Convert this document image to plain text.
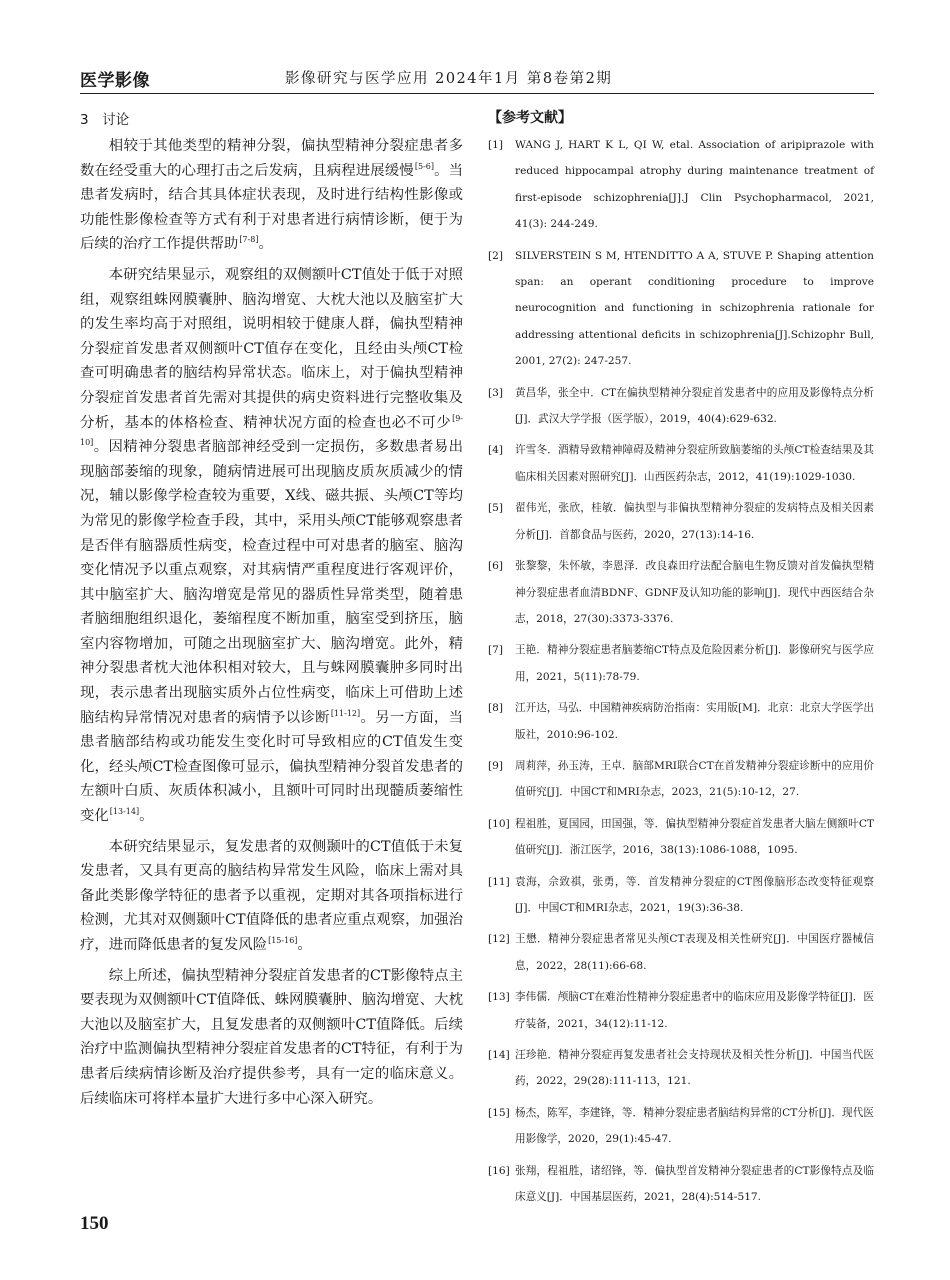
医学影像	影像研究与医学应用 2024年1月 第8卷第2期
3　讨论

相较于其他类型的精神分裂，偏执型精神分裂症患者多数在经受重大的心理打击之后发病，且病程进展缓慢[5-6]。当患者发病时，结合其具体症状表现，及时进行结构性影像或功能性影像检查等方式有利于对患者进行病情诊断，便于为后续的治疗工作提供帮助[7-8]。

本研究结果显示，观察组的双侧额叶CT值处于低于对照组，观察组蛛网膜囊肿、脑沟增宽、大枕大池以及脑室扩大的发生率均高于对照组，说明相较于健康人群，偏执型精神分裂症首发患者双侧额叶CT值存在变化，且经由头颅CT检查可明确患者的脑结构异常状态。临床上，对于偏执型精神分裂症首发患者首先需对其提供的病史资料进行完整收集及分析，基本的体格检查、精神状况方面的检查也必不可少[9-10]。因精神分裂患者脑部神经受到一定损伤，多数患者易出现脑部萎缩的现象，随病情进展可出现脑皮质灰质减少的情况，辅以影像学检查较为重要，X线、磁共振、头颅CT等均为常见的影像学检查手段，其中，采用头颅CT能够观察患者是否伴有脑器质性病变，检查过程中可对患者的脑室、脑沟变化情况予以重点观察，对其病情严重程度进行客观评价，其中脑室扩大、脑沟增宽是常见的器质性异常类型，随着患者脑细胞组织退化，萎缩程度不断加重，脑室受到挤压，脑室内容物增加，可随之出现脑室扩大、脑沟增宽。此外，精神分裂患者枕大池体积相对较大，且与蛛网膜囊肿多同时出现，表示患者出现脑实质外占位性病变，临床上可借助上述脑结构异常情况对患者的病情予以诊断[11-12]。另一方面，当患者脑部结构或功能发生变化时可导致相应的CT值发生变化，经头颅CT检查图像可显示，偏执型精神分裂首发患者的左额叶白质、灰质体积减小，且额叶可同时出现髓质萎缩性变化[13-14]。

本研究结果显示，复发患者的双侧颞叶的CT值低于未复发患者，又具有更高的脑结构异常发生风险，临床上需对具备此类影像学特征的患者予以重视，定期对其各项指标进行检测，尤其对双侧颞叶CT值降低的患者应重点观察，加强治疗，进而降低患者的复发风险[15-16]。

综上所述，偏执型精神分裂症首发患者的CT影像特点主要表现为双侧额叶CT值降低、蛛网膜囊肿、脑沟增宽、大枕大池以及脑室扩大，且复发患者的双侧额叶CT值降低。后续治疗中监测偏执型精神分裂症首发患者的CT特征，有利于为患者后续病情诊断及治疗提供参考，具有一定的临床意义。后续临床可将样本量扩大进行多中心深入研究。

【参考文献】
[1] WANG J, HART K L, QI W, etal. Association of aripiprazole with reduced hippocampal atrophy during maintenance treatment of first-episode schizophrenia[J].J Clin Psychopharmacol, 2021, 41(3): 244-249.
[2] SILVERSTEIN S M, HTENDITTO A A, STUVE P. Shaping attention span: an operant conditioning procedure to improve neurocognition and functioning in schizophrenia rationale for addressing attentional deficits in schizophrenia[J].Schizophr Bull, 2001, 27(2): 247-257.
[3] 黄昌华，张全中．CT在偏执型精神分裂症首发患者中的应用及影像特点分析[J]．武汉大学学报（医学版），2019，40(4):629-632.
[4] 许雪冬．酒精导致精神障碍及精神分裂症所致脑萎缩的头颅CT检查结果及其临床相关因素对照研究[J]．山西医药杂志，2012，41(19):1029-1030.
[5] 翟伟光，张欣，桂敏．偏执型与非偏执型精神分裂症的发病特点及相关因素分析[J]．首都食品与医药，2020，27(13):14-16.
[6] 张黎黎，朱怀敏，李恩泽．改良森田疗法配合脑电生物反馈对首发偏执型精神分裂症患者血清BDNF、GDNF及认知功能的影响[J]．现代中西医结合杂志，2018，27(30):3373-3376.
[7] 王艳．精神分裂症患者脑萎缩CT特点及危险因素分析[J]．影像研究与医学应用，2021，5(11):78-79.
[8] 江开达，马弘．中国精神疾病防治指南：实用版[M]．北京：北京大学医学出版社，2010:96-102.
[9] 周莉萍，孙玉涛，王卓．脑部MRI联合CT在首发精神分裂症诊断中的应用价值研究[J]．中国CT和MRI杂志，2023，21(5):10-12，27.
[10] 程祖胜，夏国园，田国强，等．偏执型精神分裂症首发患者大脑左侧额叶CT值研究[J]．浙江医学，2016，38(13):1086-1088，1095.
[11] 袁海，佘致祺，张勇，等．首发精神分裂症的CT图像脑形态改变特征观察[J]．中国CT和MRI杂志，2021，19(3):36-38.
[12] 王懋．精神分裂症患者常见头颅CT表现及相关性研究[J]．中国医疗器械信息，2022，28(11):66-68.
[13] 李伟儒．颅脑CT在难治性精神分裂症患者中的临床应用及影像学特征[J]．医疗装备，2021，34(12):11-12.
[14] 汪珍艳．精神分裂症再复发患者社会支持现状及相关性分析[J]．中国当代医药，2022，29(28):111-113，121.
[15] 杨杰，陈军，李建锋，等．精神分裂症患者脑结构异常的CT分析[J]．现代医用影像学，2020，29(1):45-47.
[16] 张翔，程祖胜，诸绍锋，等．偏执型首发精神分裂症患者的CT影像特点及临床意义[J]．中国基层医药，2021，28(4):514-517.
150
